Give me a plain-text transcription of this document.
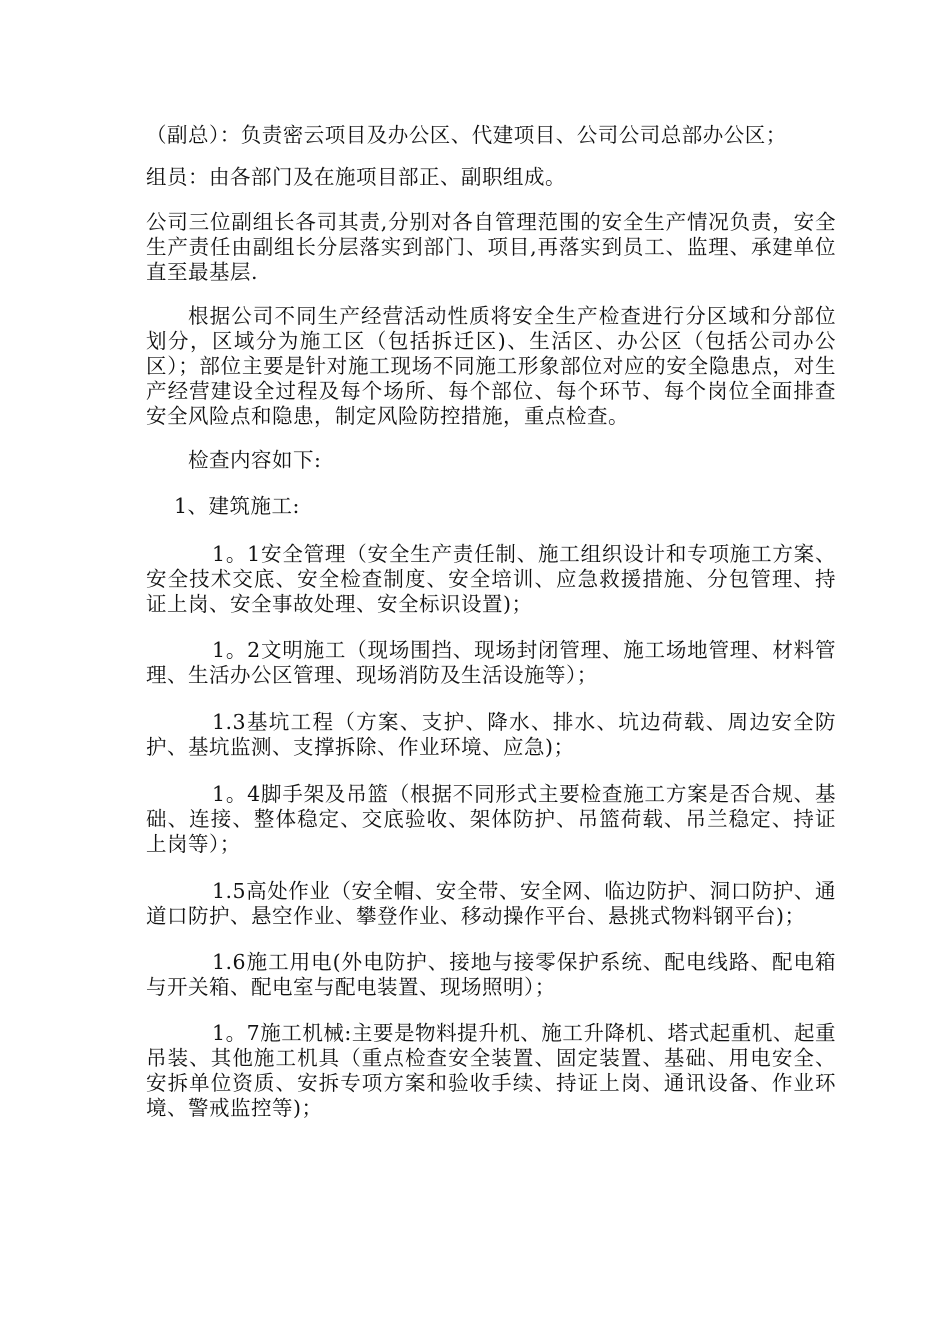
（副总）：负责密云项目及办公区、代建项目、公司公司总部办公区；

组员：由各部门及在施项目部正、副职组成。

公司三位副组长各司其责,分别对各自管理范围的安全生产情况负责，安全生产责任由副组长分层落实到部门、项目,再落实到员工、监理、承建单位直至最基层.

根据公司不同生产经营活动性质将安全生产检查进行分区域和分部位划分，区域分为施工区（包括拆迁区)、生活区、办公区（包括公司办公区）；部位主要是针对施工现场不同施工形象部位对应的安全隐患点，对生产经营建设全过程及每个场所、每个部位、每个环节、每个岗位全面排查安全风险点和隐患，制定风险防控措施，重点检查。

检查内容如下:

1、建筑施工:

1。1安全管理（安全生产责任制、施工组织设计和专项施工方案、安全技术交底、安全检查制度、安全培训、应急救援措施、分包管理、持证上岗、安全事故处理、安全标识设置)；

1。2文明施工（现场围挡、现场封闭管理、施工场地管理、材料管理、生活办公区管理、现场消防及生活设施等）；

1.3基坑工程（方案、支护、降水、排水、坑边荷载、周边安全防护、基坑监测、支撑拆除、作业环境、应急)；

1。4脚手架及吊篮（根据不同形式主要检查施工方案是否合规、基础、连接、整体稳定、交底验收、架体防护、吊篮荷载、吊兰稳定、持证上岗等）；

1.5高处作业（安全帽、安全带、安全网、临边防护、洞口防护、通道口防护、悬空作业、攀登作业、移动操作平台、悬挑式物料钢平台)；

1.6施工用电(外电防护、接地与接零保护系统、配电线路、配电箱与开关箱、配电室与配电装置、现场照明）；

1。7施工机械:主要是物料提升机、施工升降机、塔式起重机、起重吊装、其他施工机具（重点检查安全装置、固定装置、基础、用电安全、安拆单位资质、安拆专项方案和验收手续、持证上岗、通讯设备、作业环境、警戒监控等)；
